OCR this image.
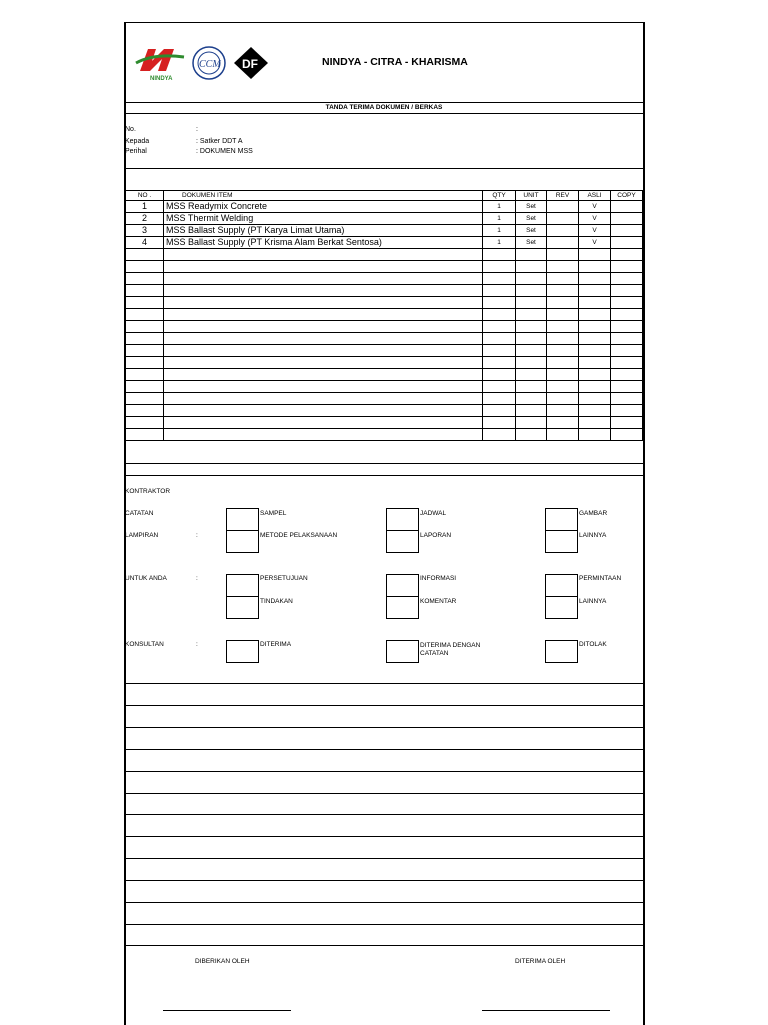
NINDYA
CCM DF	NINDYA - CITRA - KHARISMA
TANDA TERIMA DOKUMEN / BERKAS
No.	:
Kepada	: Satker DDT A
Perihal	: DOKUMEN MSS
NO .	DOKUMEN ITEM	QTY	UNIT	REV	ASLI	COPY
1	MSS Readymix Concrete	1	Set		V	
2	MSS Thermit Welding	1	Set		V	
3	MSS Ballast Supply (PT Karya Limat Utama)	1	Set		V	
4	MSS Ballast Supply (PT Krisma Alam Berkat Sentosa)	1	Set		V	

KONTRAKTOR
CATATAN
LAMPIRAN	:
SAMPEL	JADWAL	GAMBAR
METODE PELAKSANAAN	LAPORAN	LAINNYA
UNTUK ANDA	:	PERSETUJUAN	INFORMASI	PERMINTAAN
TINDAKAN	KOMENTAR	LAINNYA
KONSULTAN	:	DITERIMA	DITERIMA DENGAN
CATATAN
DITOLAK
DIBERIKAN OLEH	DITERIMA OLEH
